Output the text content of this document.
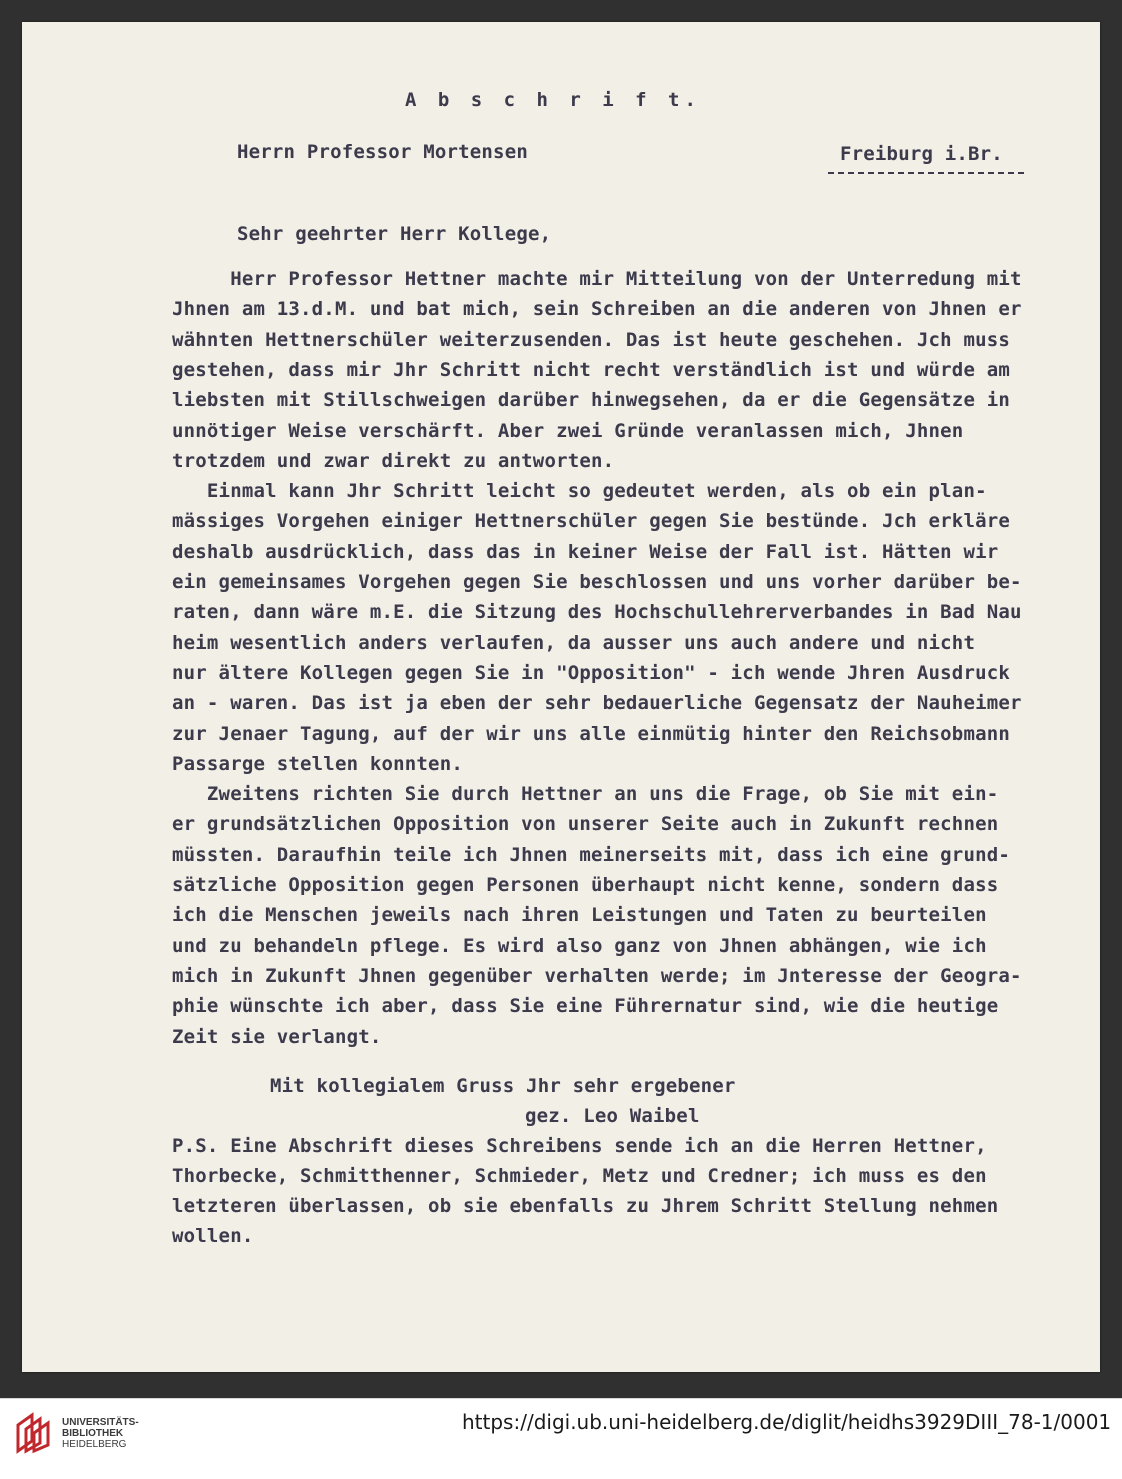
A b s c h r i f t.
Herrn Professor Mortensen	Freiburg i.Br.
Sehr geehrter Herr Kollege,
Herr Professor Hettner machte mir Mitteilung von der Unterredung mit
Jhnen am 13.d.M. und bat mich, sein Schreiben an die anderen von Jhnen er
wähnten Hettnerschüler weiterzusenden. Das ist heute geschehen. Jch muss
gestehen, dass mir Jhr Schritt nicht recht verständlich ist und würde am
liebsten mit Stillschweigen darüber hinwegsehen, da er die Gegensätze in
unnötiger Weise verschärft. Aber zwei Gründe veranlassen mich, Jhnen
trotzdem und zwar direkt zu antworten.
Einmal kann Jhr Schritt leicht so gedeutet werden, als ob ein plan-
mässiges Vorgehen einiger Hettnerschüler gegen Sie bestünde. Jch erkläre
deshalb ausdrücklich, dass das in keiner Weise der Fall ist. Hätten wir
ein gemeinsames Vorgehen gegen Sie beschlossen und uns vorher darüber be-
raten, dann wäre m.E. die Sitzung des Hochschullehrerverbandes in Bad Nau
heim wesentlich anders verlaufen, da ausser uns auch andere und nicht
nur ältere Kollegen gegen Sie in "Opposition" - ich wende Jhren Ausdruck
an - waren. Das ist ja eben der sehr bedauerliche Gegensatz der Nauheimer
zur Jenaer Tagung, auf der wir uns alle einmütig hinter den Reichsobmann
Passarge stellen konnten.
Zweitens richten Sie durch Hettner an uns die Frage, ob Sie mit ein-
er grundsätzlichen Opposition von unserer Seite auch in Zukunft rechnen
müssten. Daraufhin teile ich Jhnen meinerseits mit, dass ich eine grund-
sätzliche Opposition gegen Personen überhaupt nicht kenne, sondern dass
ich die Menschen jeweils nach ihren Leistungen und Taten zu beurteilen
und zu behandeln pflege. Es wird also ganz von Jhnen abhängen, wie ich
mich in Zukunft Jhnen gegenüber verhalten werde; im Jnteresse der Geogra-
phie wünschte ich aber, dass Sie eine Führernatur sind, wie die heutige
Zeit sie verlangt.
Mit kollegialem Gruss Jhr sehr ergebener
gez. Leo Waibel
P.S. Eine Abschrift dieses Schreibens sende ich an die Herren Hettner,
Thorbecke, Schmitthenner, Schmieder, Metz und Credner; ich muss es den
letzteren überlassen, ob sie ebenfalls zu Jhrem Schritt Stellung nehmen
wollen.
UNIVERSITÄTS-
BIBLIOTHEK
HEIDELBERG
https://digi.ub.uni-heidelberg.de/diglit/heidhs3929DIII_78-1/0001
